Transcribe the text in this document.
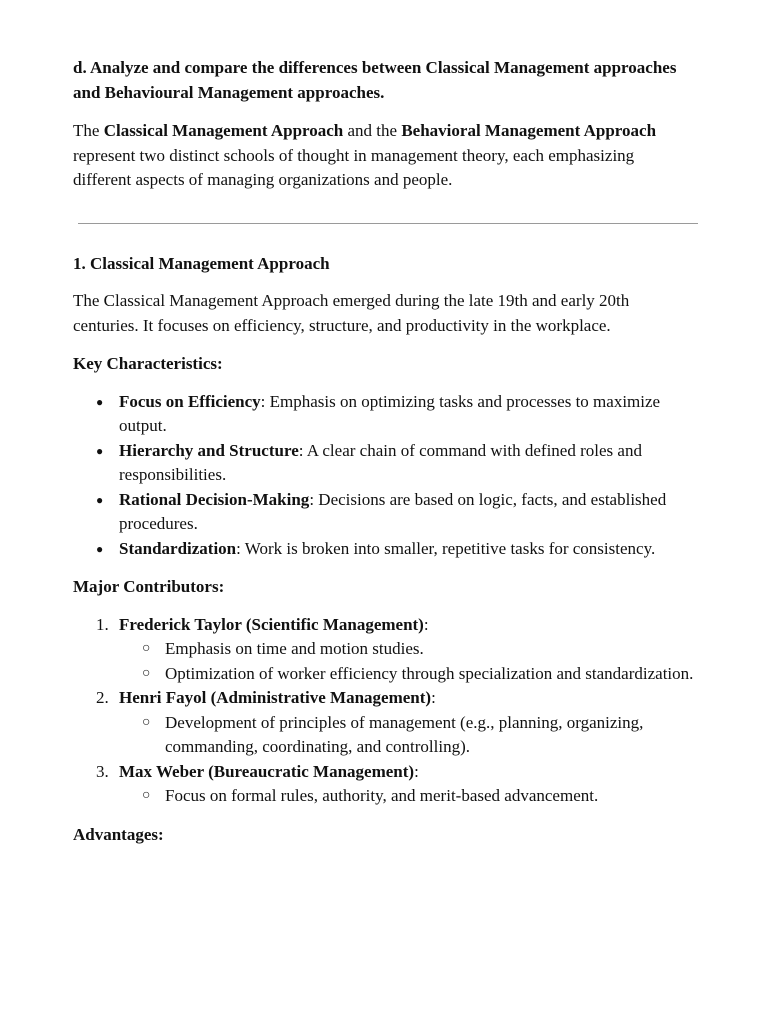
d. Analyze and compare the differences between Classical Management approaches and Behavioural Management approaches.

The Classical Management Approach and the Behavioral Management Approach represent two distinct schools of thought in management theory, each emphasizing different aspects of managing organizations and people.

1. Classical Management Approach

The Classical Management Approach emerged during the late 19th and early 20th centuries. It focuses on efficiency, structure, and productivity in the workplace.

Key Characteristics:

● Focus on Efficiency: Emphasis on optimizing tasks and processes to maximize output.
● Hierarchy and Structure: A clear chain of command with defined roles and responsibilities.
● Rational Decision-Making: Decisions are based on logic, facts, and established procedures.
● Standardization: Work is broken into smaller, repetitive tasks for consistency.

Major Contributors:

1. Frederick Taylor (Scientific Management):
○ Emphasis on time and motion studies.
○ Optimization of worker efficiency through specialization and standardization.
2. Henri Fayol (Administrative Management):
○ Development of principles of management (e.g., planning, organizing, commanding, coordinating, and controlling).
3. Max Weber (Bureaucratic Management):
○ Focus on formal rules, authority, and merit-based advancement.

Advantages:
